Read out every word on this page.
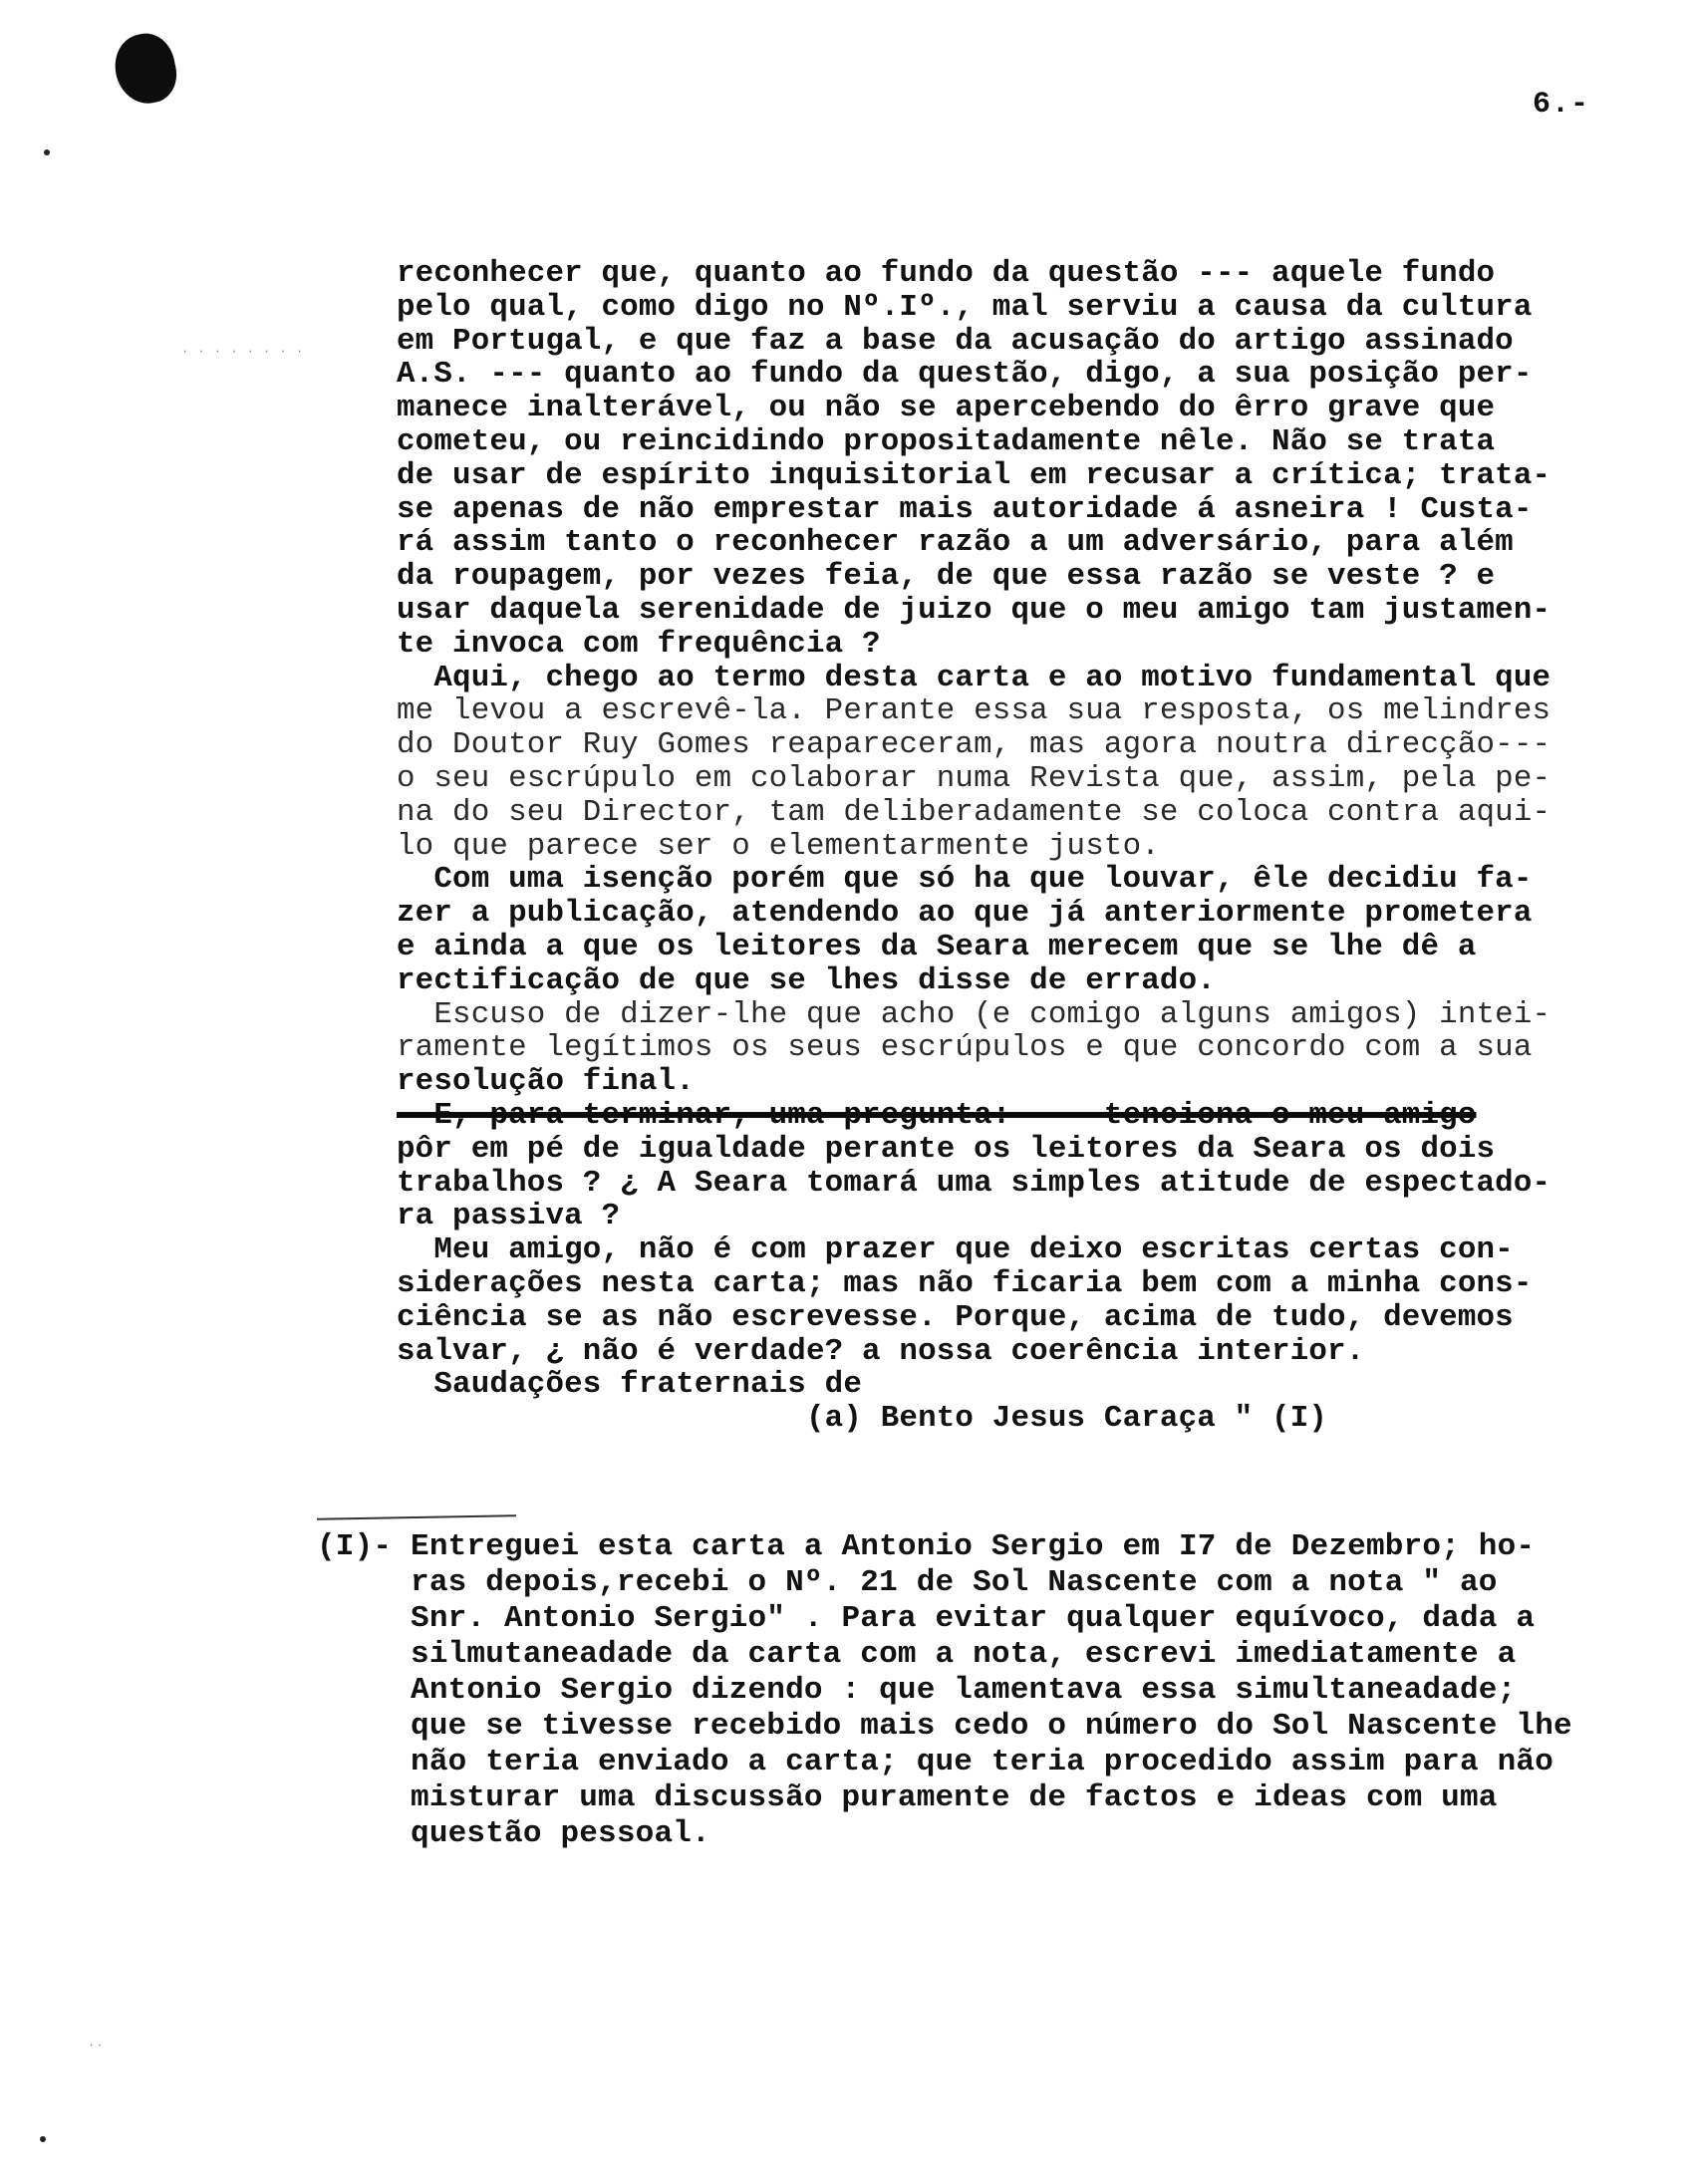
· · · · · · · ·
··
6.-
reconhecer que, quanto ao fundo da questão --- aquele fundo
pelo qual, como digo no Nº.Iº., mal serviu a causa da cultura
em Portugal, e que faz a base da acusação do artigo assinado
A.S. --- quanto ao fundo da questão, digo, a sua posição per-
manece inalterável, ou não se apercebendo do êrro grave que
cometeu, ou reincidindo propositadamente nêle. Não se trata
de usar de espírito inquisitorial em recusar a crítica; trata-
se apenas de não emprestar mais autoridade á asneira ! Custa-
rá assim tanto o reconhecer razão a um adversário, para além
da roupagem, por vezes feia, de que essa razão se veste ? e
usar daquela serenidade de juizo que o meu amigo tam justamen-
te invoca com frequência ?
Aqui, chego ao termo desta carta e ao motivo fundamental que
me levou a escrevê-la. Perante essa sua resposta, os melindres
do Doutor Ruy Gomes reapareceram, mas agora noutra direcção---
o seu escrúpulo em colaborar numa Revista que, assim, pela pe-
na do seu Director, tam deliberadamente se coloca contra aqui-
lo que parece ser o elementarmente justo.
Com uma isenção porém que só ha que louvar, êle decidiu fa-
zer a publicação, atendendo ao que já anteriormente prometera
e ainda a que os leitores da Seara merecem que se lhe dê a
rectificação de que se lhes disse de errado.
Escuso de dizer-lhe que acho (e comigo alguns amigos) intei-
ramente legítimos os seus escrúpulos e que concordo com a sua
resolução final.
E, para terminar, uma pregunta: --- tenciona o meu amigo
pôr em pé de igualdade perante os leitores da Seara os dois
trabalhos ? ¿ A Seara tomará uma simples atitude de espectado-
ra passiva ?
Meu amigo, não é com prazer que deixo escritas certas con-
siderações nesta carta; mas não ficaria bem com a minha cons-
ciência se as não escrevesse. Porque, acima de tudo, devemos
salvar, ¿ não é verdade? a nossa coerência interior.
Saudações fraternais de
(a) Bento Jesus Caraça " (I)
(I)- Entreguei esta carta a Antonio Sergio em I7 de Dezembro; ho-
ras depois,recebi o Nº. 21 de Sol Nascente com a nota " ao
Snr. Antonio Sergio" . Para evitar qualquer equívoco, dada a
silmutaneadade da carta com a nota, escrevi imediatamente a
Antonio Sergio dizendo : que lamentava essa simultaneadade;
que se tivesse recebido mais cedo o número do Sol Nascente lhe
não teria enviado a carta; que teria procedido assim para não
misturar uma discussão puramente de factos e ideas com uma
questão pessoal.
